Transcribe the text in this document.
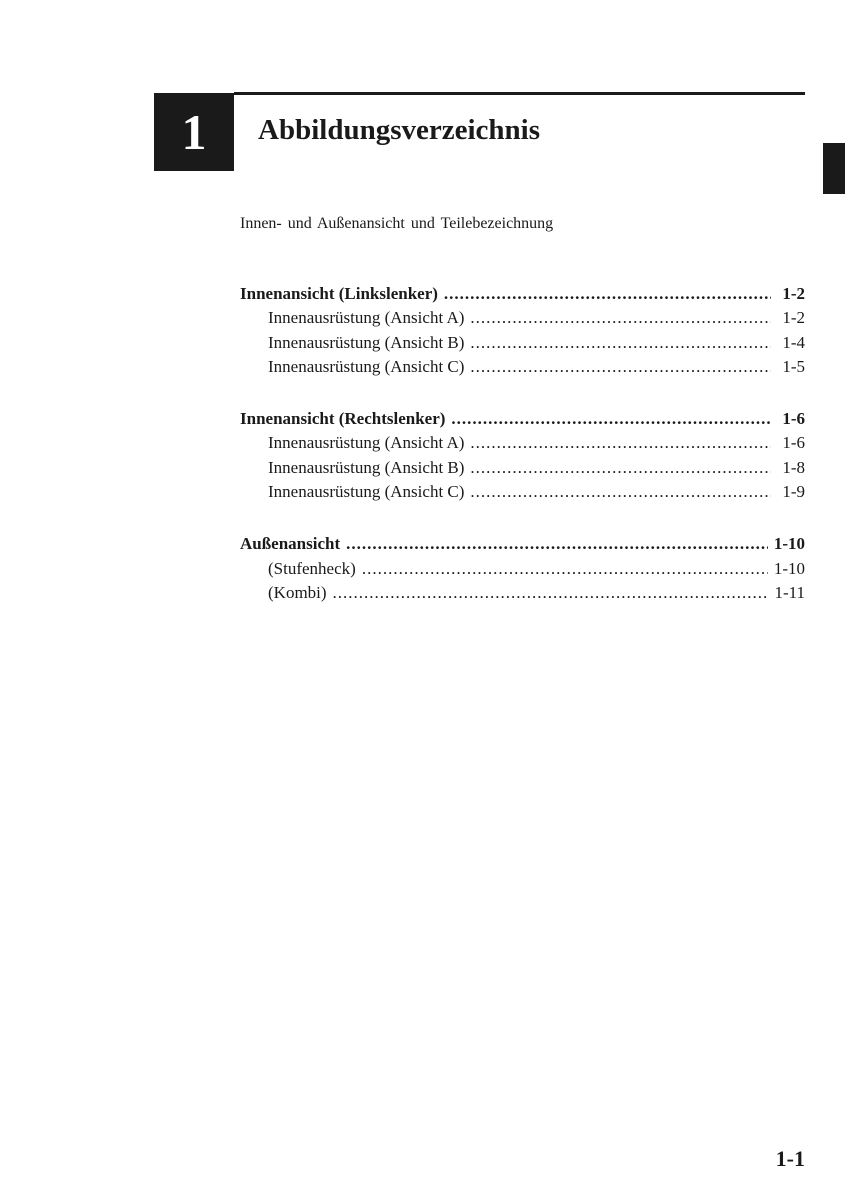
1 Abbildungsverzeichnis
Innen- und Außenansicht und Teilebezeichnung
Innenansicht (Linkslenker) .....	1-2
Innenausrüstung (Ansicht A) .....	1-2
Innenausrüstung (Ansicht B) .....	1-4
Innenausrüstung (Ansicht C) .....	1-5
Innenansicht (Rechtslenker) .....	1-6
Innenausrüstung (Ansicht A) .....	1-6
Innenausrüstung (Ansicht B) .....	1-8
Innenausrüstung (Ansicht C) .....	1-9
Außenansicht .....	1-10
(Stufenheck) .....	1-10
(Kombi) .....	1-11
1-1
